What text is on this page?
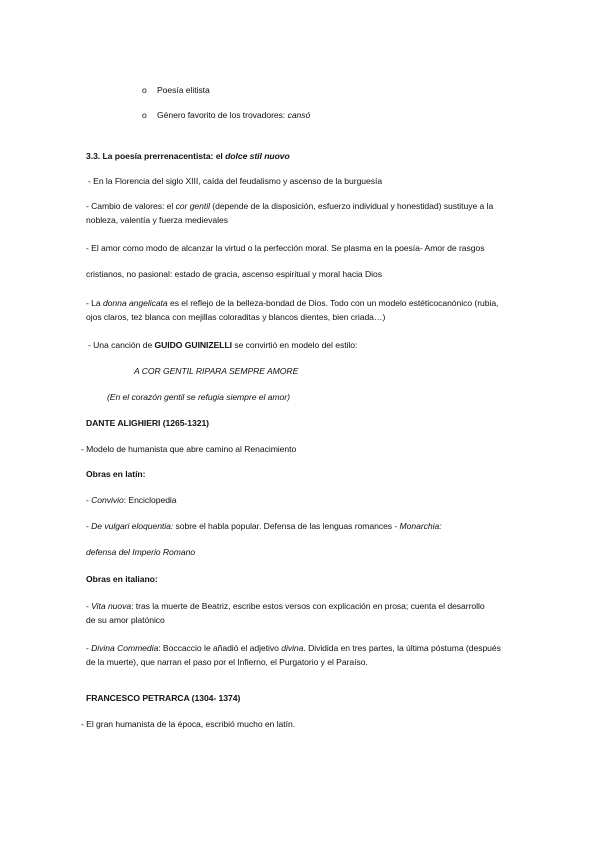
o Poesía elitista
o Género favorito de los trovadores: cansó
3.3. La poesía prerrenacentista: el dolce stil nuovo
- En la Florencia del siglo XIII, caída del feudalismo y ascenso de la burguesía
- Cambio de valores: el cor gentil (depende de la disposición, esfuerzo individual y honestidad) sustituye a la
nobleza, valentía y fuerza medievales
- El amor como modo de alcanzar la virtud o la perfección moral. Se plasma en la poesía- Amor de rasgos
cristianos, no pasional: estado de gracia, ascenso espiritual y moral hacia Dios
- La donna angelicata es el reflejo de la belleza-bondad de Dios. Todo con un modelo estéticocanónico (rubia,
ojos claros, tez blanca con mejillas coloraditas y blancos dientes, bien criada…)
- Una canción de GUIDO GUINIZELLI se convirtió en modelo del estilo:
A COR GENTIL RIPARA SEMPRE AMORE
(En el corazón gentil se refugia siempre el amor)
DANTE ALIGHIERI (1265-1321)
- Modelo de humanista que abre camino al Renacimiento
Obras en latín:
- Convivio: Enciclopedia
- De vulgari eloquentia: sobre el habla popular. Defensa de las lenguas romances - Monarchia:
defensa del Imperio Romano
Obras en italiano:
- Vita nuova: tras la muerte de Beatriz, escribe estos versos con explicación en prosa; cuenta el desarrollo
de su amor platónico
- Divina Commedia: Boccaccio le añadió el adjetivo divina. Dividida en tres partes, la última póstuma (después
de la muerte), que narran el paso por el Infierno, el Purgatorio y el Paraíso.
FRANCESCO PETRARCA (1304- 1374)
- El gran humanista de la época, escribió mucho en latín.
